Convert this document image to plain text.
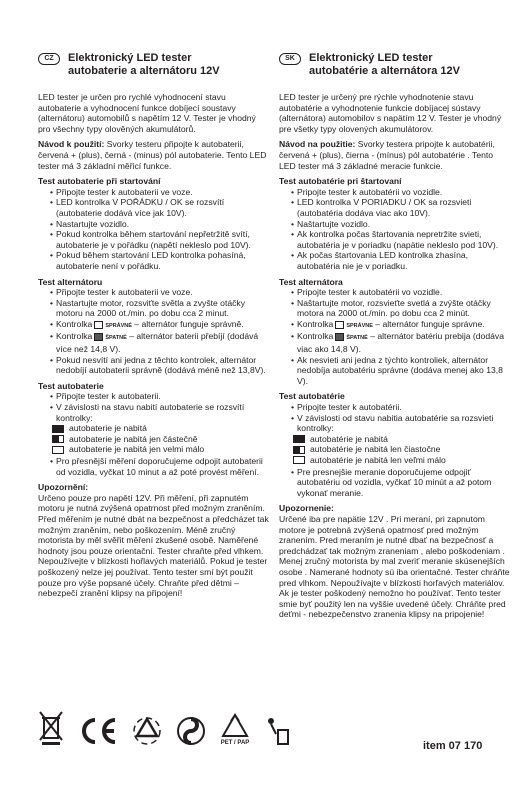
CZ	Elektronický LED tester
autobaterie a alternátoru 12V

LED tester je určen pro rychlé vyhodnocení stavu autobaterie a vyhodnocení funkce dobíjecí soustavy (alternátoru) automobilů s napětím 12 V. Tester je vhodný pro všechny typy olověných akumulátorů.

Návod k použití: Svorky testeru připojte k autobaterii, červená + (plus), černá - (minus) pól autobaterie. Tento LED tester má 3 základní měřicí funkce.

Test autobaterie při startování
• Připojte tester k autobaterii ve voze.
• LED kontrolka V POŘÁDKU / OK se rozsvítí (autobaterie dodává více jak 10V).
• Nastartujte vozidlo.
• Pokud kontrolka během startování nepřetržitě svítí, autobaterie je v pořádku (napětí nekleslo pod 10V).
• Pokud během startování LED kontrolka pohasíná, autobaterie není v pořádku.
Test alternátoru
• Připojte tester k autobaterii ve voze.
• Nastartujte motor, rozsviťte světla a zvyšte otáčky motoru na 2000 ot./min. po dobu cca 2 minut.
• Kontrolka SPRÁVNÉ – alternátor funguje správně.
• Kontrolka ŠPATNÉ – alternátor baterii přebíjí (dodává více než 14,8 V).
• Pokud nesvítí ani jedna z těchto kontrolek, alternátor nedobíjí autobaterii správně (dodává méně než 13,8V).
Test autobaterie
• Připojte tester k autobaterii.
• V závislosti na stavu nabití autobaterie se rozsvítí kontrolky:
autobaterie je nabitá
autobaterie je nabitá jen částečně
autobaterie je nabitá jen velmi málo
• Pro přesnější měření doporučujeme odpojit autobaterii od vozidla, vyčkat 10 minut a až poté provést měření.
Upozornění:

Určeno pouze pro napětí 12V. Při měření, při zapnutém motoru je nutná zvýšená opatrnost před možným zraněním. Před měřením je nutné dbát na bezpečnost a předcházet tak možným zraněním, nebo poškozením. Méně zručný motorista by měl svěřit měření zkušené osobě. Naměřené hodnoty jsou pouze orientační. Tester chraňte před vlhkem. Nepoužívejte v blízkosti hořlavých materiálů. Pokud je tester poškozený nelze jej používat. Tento tester smí být použit pouze pro výše popsané účely. Chraňte před dětmi – nebezpečí zranění klipsy na připojení!

SK	Elektronický LED tester
autobatérie a alternátora 12V

LED tester je určený pre rýchle vyhodnotenie stavu autobatérie a vyhodnotenie funkcie dobíjacej sústavy (alternátora) automobilov s napätím 12 V. Tester je vhodný pre všetky typy olovených akumulátorov.

Návod na použitie: Svorky testera pripojte k autobatérii, červená + (plus), čierna - (mínus) pól autobatérie . Tento LED tester má 3 základné meracie funkcie.

Test autobatérie pri štartovaní
• Pripojte tester k autobatérii vo vozidle.
• LED kontrolka V PORIADKU / OK sa rozsvieti (autobatéria dodáva viac ako 10V).
• Naštartujte vozidlo.
• Ak kontrolka počas štartovania nepretržite svieti, autobatéria je v poriadku (napätie nekleslo pod 10V).
• Ak počas štartovania LED kontrolka zhasína, autobatéria nie je v poriadku.
Test alternátora
• Pripojte tester k autobatérii vo vozidle.
• Naštartujte motor, rozsvieťte svetlá a zvýšte otáčky motora na 2000 ot./min. po dobu cca 2 minút.
• Kontrolka SPRÁVNE – alternátor funguje správne.
• Kontrolka ŠPATNÉ – alternátor batériu prebija (dodáva viac ako 14,8 V).
• Ak nesvieti ani jedna z týchto kontroliek, alternátor nedobíja autobatériu správne (dodáva menej ako 13,8 V).
Test autobatérie
• Pripojte tester k autobatérii.
• V závislosti od stavu nabitia autobatérie sa rozsvieti kontrolky:
autobatérie je nabitá
autobatérie je nabitá len čiastočne
autobatérie je nabitá len veľmi málo
• Pre presnejšie meranie doporučujeme odpojiť autobatériu od vozidla, vyčkať 10 minút a až potom vykonať meranie.
Upozornenie:

Určené iba pre napätie 12V . Pri meraní, pri zapnutom motore je potrebná zvýšená opatrnosť pred možným zranením. Pred meraním je nutné dbať na bezpečnosť a predchádzať tak možným zraneniam , alebo poškodeniam . Menej zručný motorista by mal zveriť meranie skúsenejších osobe . Namerané hodnoty sú iba orientačné. Tester chráňte pred vlhkom. Nepoužívajte v blízkosti horľavých materiálov. Ak je tester poškodený nemožno ho používať. Tento tester smie byť použitý len na vyššie uvedené účely. Chráňte pred deťmi - nebezpečenstvo zranenia klipsy na pripojenie!

PET / PAP	item 07 170
